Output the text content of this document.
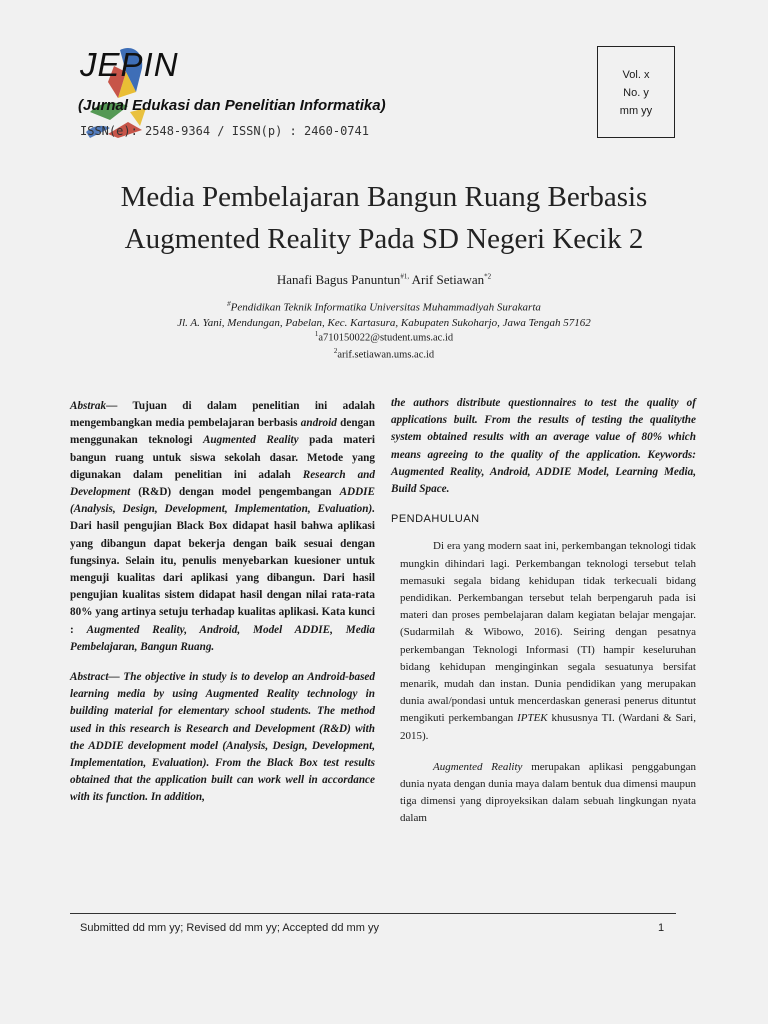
JEPIN
(Jurnal Edukasi dan Penelitian Informatika)
ISSN(e): 2548-9364 / ISSN(p) : 2460-0741
Vol. x
No. y
mm yy
Media Pembelajaran Bangun Ruang Berbasis
Augmented Reality Pada SD Negeri Kecik 2
Hanafi Bagus Panuntun$^{\#1,}$ Arif Setiawan$^{*2}$
#Pendidikan Teknik Informatika Universitas Muhammadiyah Surakarta
Jl. A. Yani, Mendungan, Pabelan, Kec. Kartasura, Kabupaten Sukoharjo, Jawa Tengah 57162
$^1$a710150022@student.ums.ac.id
$^2$arif.setiawan.ums.ac.id

Abstrak— Tujuan di dalam penelitian ini adalah mengembangkan media pembelajaran berbasis android dengan menggunakan teknologi Augmented Reality pada materi bangun ruang untuk siswa sekolah dasar. Metode yang digunakan dalam penelitian ini adalah Research and Development (R&D) dengan model pengembangan ADDIE (Analysis, Design, Development, Implementation, Evaluation). Dari hasil pengujian Black Box didapat hasil bahwa aplikasi yang dibangun dapat bekerja dengan baik sesuai dengan fungsinya. Selain itu, penulis menyebarkan kuesioner untuk menguji kualitas dari aplikasi yang dibangun. Dari hasil pengujian kualitas sistem didapat hasil dengan nilai rata-rata 80% yang artinya setuju terhadap kualitas aplikasi. Kata kunci : Augmented Reality, Android, Model ADDIE, Media Pembelajaran, Bangun Ruang.

Abstract— The objective in study is to develop an Android-based learning media by using Augmented Reality technology in building material for elementary school students. The method used in this research is Research and Development (R&D) with the ADDIE development model (Analysis, Design, Development, Implementation, Evaluation). From the Black Box test results obtained that the application built can work well in accordance with its function. In addition,

the authors distribute questionnaires to test the quality of applications built. From the results of testing the qualitythe system obtained results with an average value of 80% which means agreeing to the quality of the application. Keywords: Augmented Reality, Android, ADDIE Model, Learning Media, Build Space.

PENDAHULUAN

Di era yang modern saat ini, perkembangan teknologi tidak mungkin dihindari lagi. Perkembangan teknologi tersebut telah memasuki segala bidang kehidupan tidak terkecuali bidang pendidikan. Perkembangan tersebut telah berpengaruh pada isi materi dan proses pembelajaran dalam kegiatan belajar mengajar. (Sudarmilah & Wibowo, 2016). Seiring dengan pesatnya perkembangan Teknologi Informasi (TI) hampir keseluruhan bidang kehidupan menginginkan segala sesuatunya bersifat menarik, mudah dan instan. Dunia pendidikan yang merupakan dunia awal/pondasi untuk mencerdaskan generasi penerus dituntut mengikuti perkembangan IPTEK khususnya TI. (Wardani & Sari, 2015).

Augmented Reality merupakan aplikasi penggabungan dunia nyata dengan dunia maya dalam bentuk dua dimensi maupun tiga dimensi yang diproyeksikan dalam sebuah lingkungan nyata dalam

Submitted dd mm yy; Revised dd mm yy; Accepted dd mm yy	1
